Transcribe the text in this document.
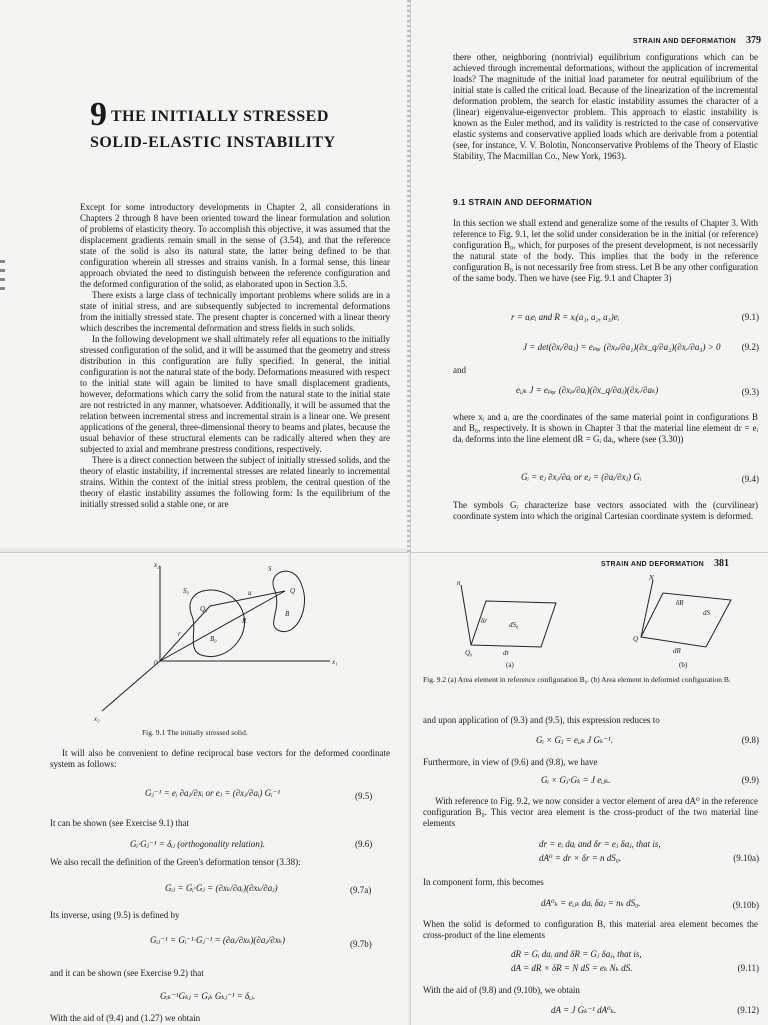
9 THE INITIALLY STRESSED
SOLID-ELASTIC INSTABILITY

Except for some introductory developments in Chapter 2, all considerations in Chapters 2 through 8 have been oriented toward the linear formulation and solution of problems of elasticity theory. To accomplish this objective, it was assumed that the displacement gradients remain small in the sense of (3.54), and that the reference state of the solid is also its natural state, the latter being defined to be that configuration wherein all stresses and strains vanish. In a formal sense, this linear approach obviated the need to distinguish between the reference configuration and the deformed configuration of the solid, as elaborated upon in Section 3.5.

There exists a large class of technically important problems where solids are in a state of initial stress, and are subsequently subjected to incremental deformations from the initially stressed state. The present chapter is concerned with a linear theory which describes the incremental deformation and stress fields in such solids.

In the following development we shall ultimately refer all equations to the initially stressed configuration of the solid, and it will be assumed that the geometry and stress distribution in this configuration are fully specified. In general, the initial configuration is not the natural state of the body. Deformations measured with respect to the initial state will again be limited to have small displacement gradients, however, deformations which carry the solid from the natural state to the initial state are not restricted in any manner, whatsoever. Additionally, it will be assumed that the relation between incremental stress and incremental strain is a linear one. We present applications of the general, three-dimensional theory to beams and plates, because the usual behavior of these structural elements can be radically altered when they are subjected to axial and membrane prestress conditions, respectively.

There is a direct connection between the subject of initially stressed solids, and the theory of elastic instability, if incremental stresses are related linearly to incremental strains. Within the context of the initial stress problem, the central question of the theory of elastic instability assumes the following form: Is the equilibrium of the initially stressed solid a stable one, or are

STRAIN AND DEFORMATION 379

there other, neighboring (nontrivial) equilibrium configurations which can be achieved through incremental deformations, without the application of incremental loads? The magnitude of the initial load parameter for neutral equilibrium of the initial state is called the critical load. Because of the linearization of the incremental deformation problem, the search for elastic instability assumes the character of a (linear) eigenvalue-eigenvector problem. This approach to elastic instability is known as the Euler method, and its validity is restricted to the case of conservative elastic systems and conservative applied loads which are derivable from a potential (see, for instance, V. V. Bolotin, Nonconservative Problems of the Theory of Elastic Stability, The Macmillan Co., New York, 1963).

9.1 STRAIN AND DEFORMATION

In this section we shall extend and generalize some of the results of Chapter 3. With reference to Fig. 9.1, let the solid under consideration be in the initial (or reference) configuration B₀, which, for purposes of the present development, is not necessarily the natural state of the body. This implies that the body in the reference configuration B₀ is not necessarily free from stress. Let B be any other configuration of the same body. Then we have (see Fig. 9.1 and Chapter 3)

r = aᵢeᵢ and R = xᵢ(a₁, a₂, a₃)eᵢ	(9.1)
J = det(∂xᵢ/∂aⱼ) = eₚᵩᵣ (∂xₚ/∂a₁)(∂x_q/∂a₂)(∂xᵣ/∂a₃) > 0 (9.2)
and
eᵢⱼₖ J = eₚᵩᵣ (∂xₚ/∂aᵢ)(∂x_q/∂aⱼ)(∂xᵣ/∂aₖ)	(9.3)

where xᵢ and aᵢ are the coordinates of the same material point in configurations B and B₀, respectively. It is shown in Chapter 3 that the material line element dr = eᵢ daᵢ deforms into the line element dR = Gᵢ daᵢ, where (see (3.30))

Gᵢ = eⱼ ∂xⱼ/∂aᵢ or eⱼ = (∂aᵢ/∂xⱼ) Gᵢ	(9.4)

The symbols Gᵢ characterize base vectors associated with the (curvilinear) coordinate system into which the original Cartesian coordinate system is deformed.

x₂	S
S₀
Q₀
u	Q
R
B₀
B
r
0	x₁
x₃
Fig. 9.1 The initially stressed solid.

It will also be convenient to define reciprocal base vectors for the deformed coordinate system as follows:

Gⱼ⁻¹ = eᵢ ∂aⱼ/∂xᵢ or eⱼ = (∂xⱼ/∂aᵢ) Gᵢ⁻¹	(9.5)
It can be shown (see Exercise 9.1) that
Gᵢ·Gⱼ⁻¹ = δᵢⱼ (orthogonality relation).	(9.6)
We also recall the definition of the Green's deformation tensor (3.38):
Gᵢⱼ = Gᵢ·Gⱼ = (∂xₖ/∂aᵢ)(∂xₖ/∂aⱼ)	(9.7a)
Its inverse, using (9.5) is defined by
Gᵢⱼ⁻¹ = Gᵢ⁻¹·Gⱼ⁻¹ = (∂aᵢ/∂xₖ)(∂aⱼ/∂xₖ)	(9.7b)
and it can be shown (see Exercise 9.2) that
Gᵢₖ⁻¹Gₖⱼ = Gᵢₖ Gₖⱼ⁻¹ = δᵢⱼ.
With the aid of (9.4) and (1.27) we obtain
STRAIN AND DEFORMATION 381
n
Q₀
δr	dS₀
dr
N
δR
dS
Q
dR
(a)	(b)
Fig. 9.2 (a) Area element in reference configuration B₀. (b) Area element in deformed configuration B.
and upon application of (9.3) and (9.5), this expression reduces to
Gᵢ × Gⱼ = eᵢⱼₖ J Gₖ⁻¹.	(9.8)
Furthermore, in view of (9.6) and (9.8), we have
Gᵢ × Gⱼ·Gₖ = J eᵢⱼₖ.	(9.9)

With reference to Fig. 9.2, we now consider a vector element of area dA⁰ in the reference configuration B₀. This vector area element is the cross-product of the two material line elements

dr = eᵢ daᵢ and δr = eⱼ δaⱼ, that is,
dA⁰ = dr × δr = n dS₀.	(9.10a)
In component form, this becomes
dA⁰ₖ = eᵢⱼₖ daᵢ δaⱼ = nₖ dS₀.	(9.10b)

When the solid is deformed to configuration B, this material area element becomes the cross-product of the line elements

dR = Gᵢ daᵢ and δR = Gⱼ δaⱼ, that is,
dA = dR × δR = N dS = eₖ Nₖ dS.	(9.11)
With the aid of (9.8) and (9.10b), we obtain
dA = J Gₖ⁻¹ dA⁰ₖ.	(9.12)
